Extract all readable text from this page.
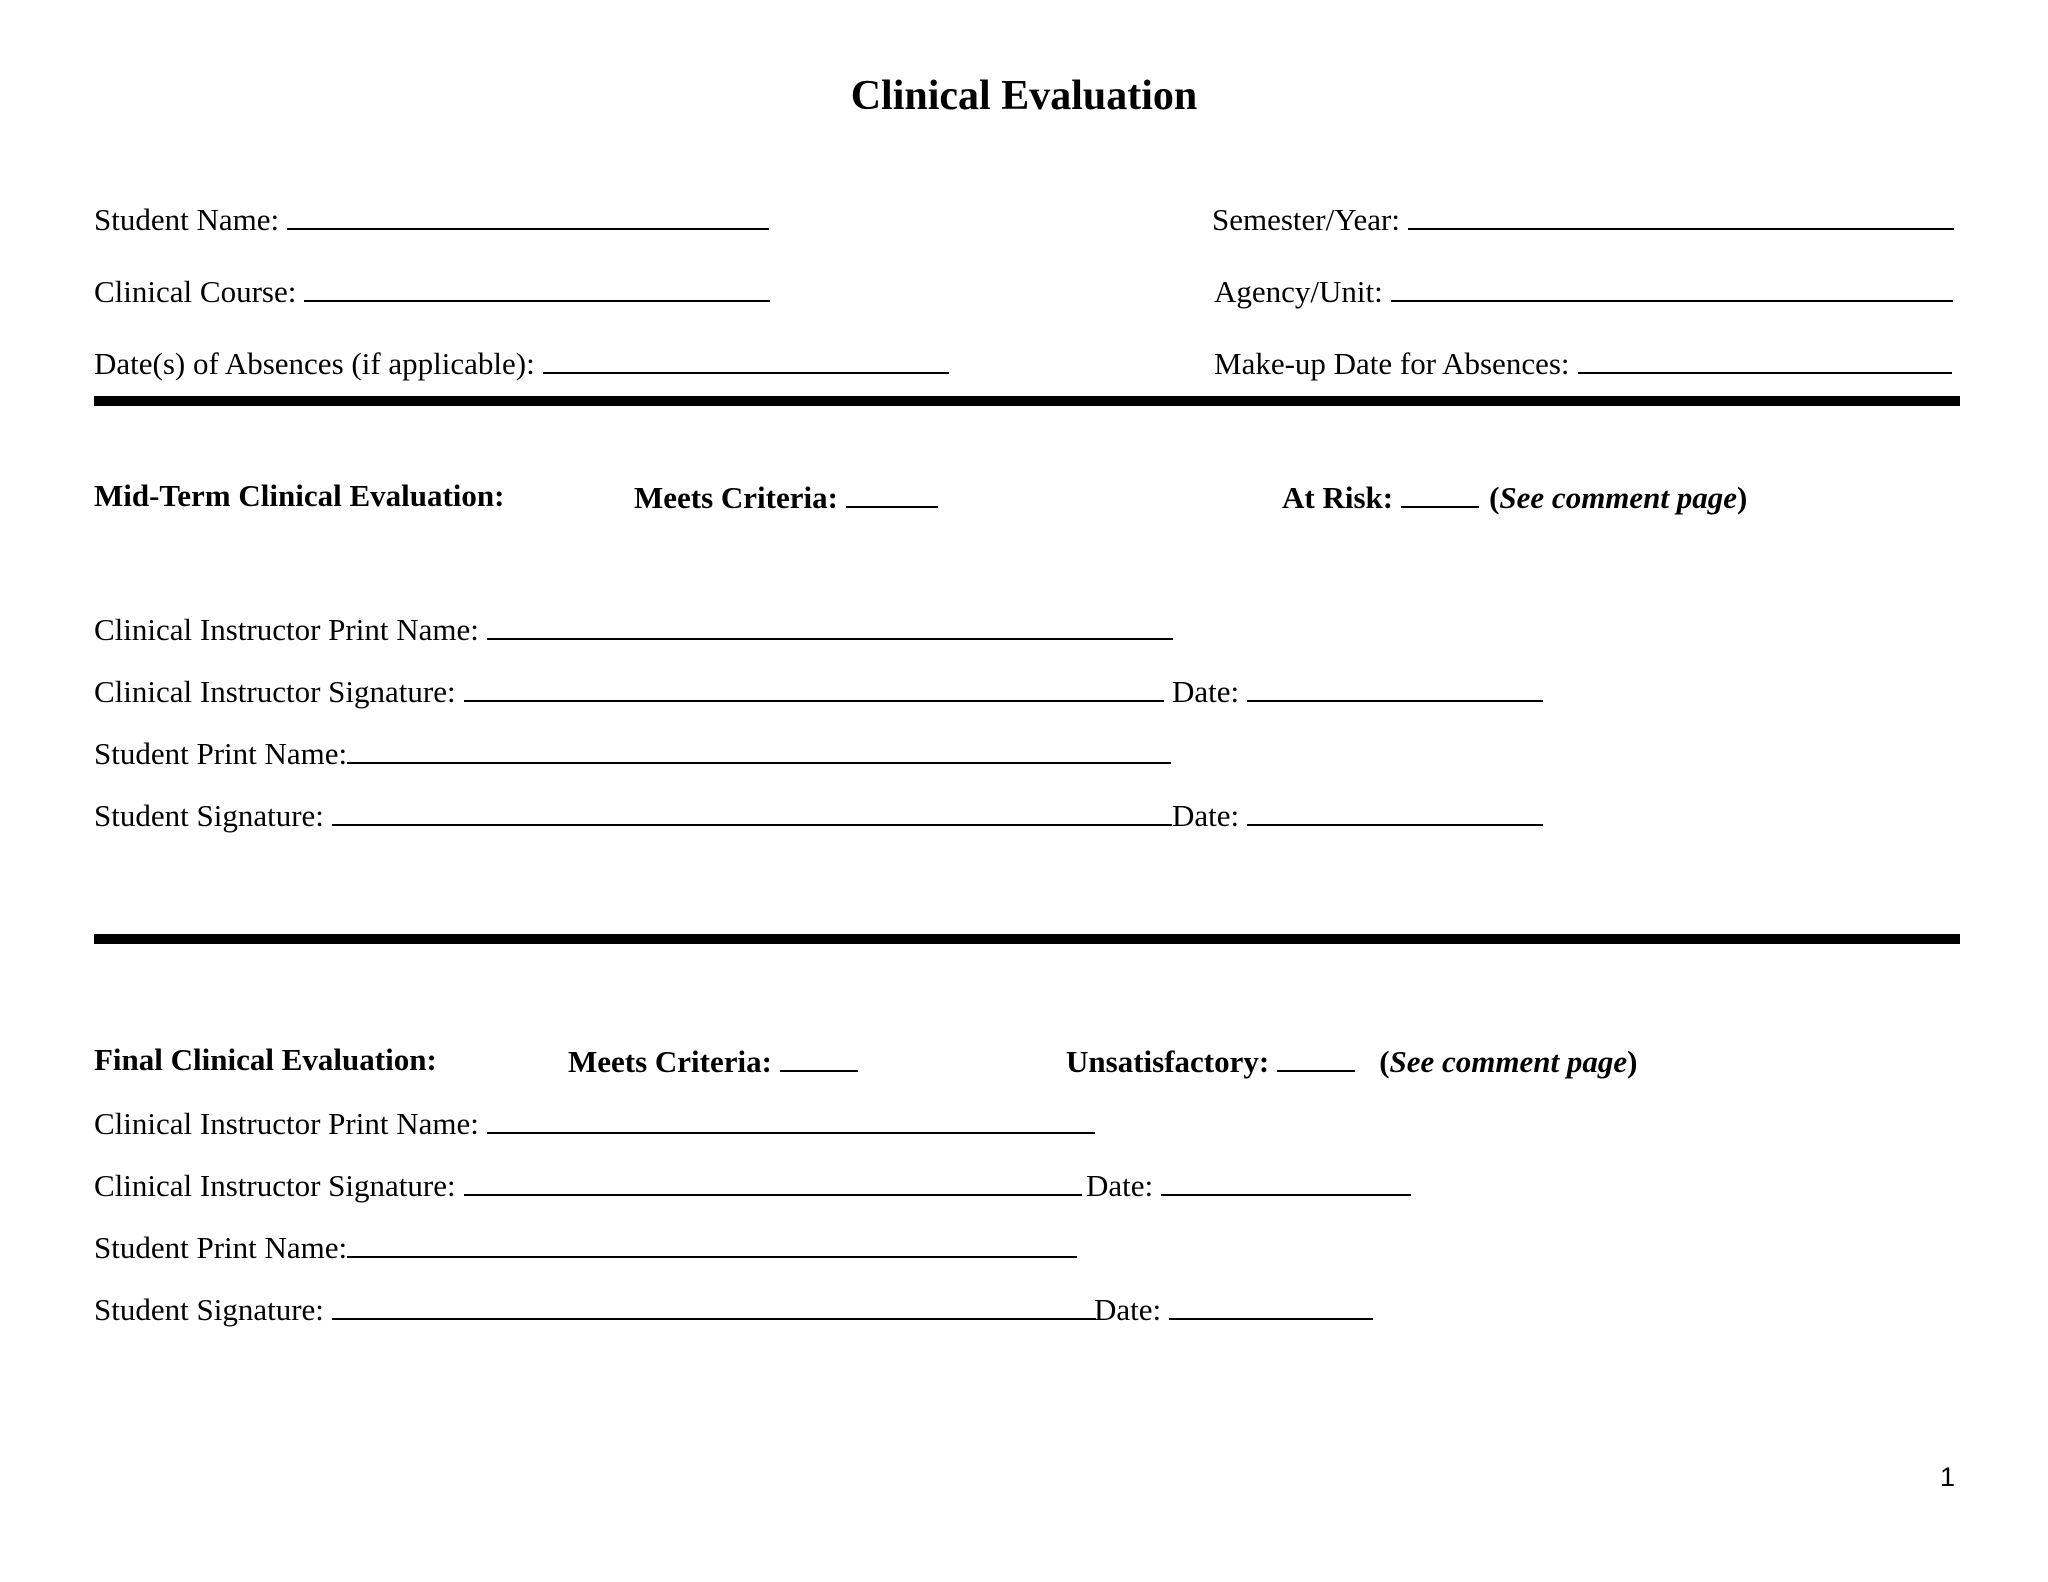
Clinical Evaluation
Student Name:	Semester/Year:
Clinical Course:	Agency/Unit:
Date(s) of Absences (if applicable):	Make-up Date for Absences:
Mid-Term Clinical Evaluation:	Meets Criteria:	At Risk:	( See comment page )
Clinical Instructor Print Name:
Clinical Instructor Signature:	Date:
Student Print Name:
Student Signature:	Date:
Final Clinical Evaluation:	Meets Criteria:	Unsatisfactory:	( See comment page )
Clinical Instructor Print Name:
Clinical Instructor Signature:	Date:
Student Print Name:
Student Signature:	Date:
1
